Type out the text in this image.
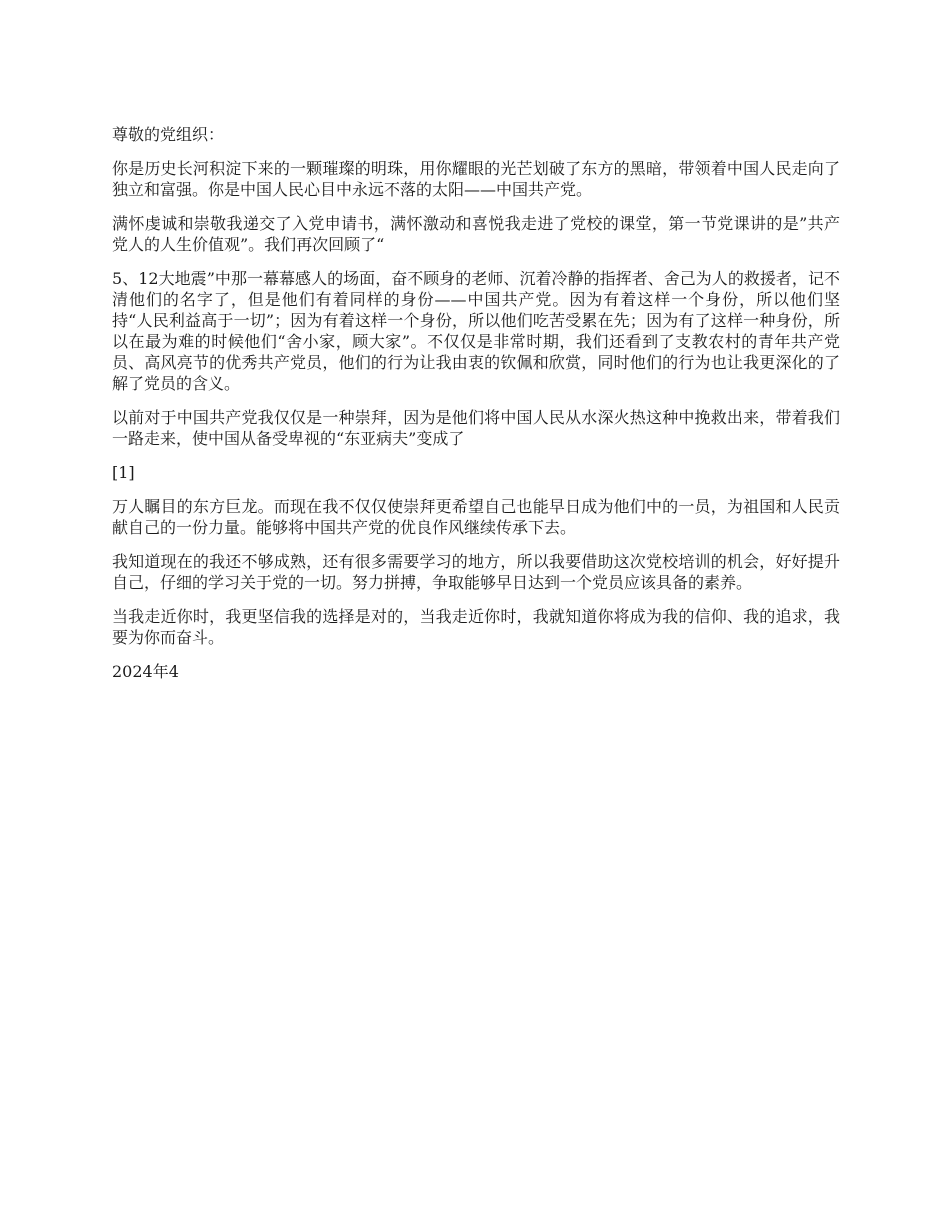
尊敬的党组织：

你是历史长河积淀下来的一颗璀璨的明珠，用你耀眼的光芒划破了东方的黑暗，带领着中国人民走向了独立和富强。你是中国人民心目中永远不落的太阳——中国共产党。

满怀虔诚和崇敬我递交了入党申请书，满怀激动和喜悦我走进了党校的课堂，第一节党课讲的是”共产党人的人生价值观”。我们再次回顾了“

5、12大地震”中那一幕幕感人的场面，奋不顾身的老师、沉着冷静的指挥者、舍己为人的救援者，记不清他们的名字了，但是他们有着同样的身份——中国共产党。因为有着这样一个身份，所以他们坚持“人民利益高于一切”；因为有着这样一个身份，所以他们吃苦受累在先；因为有了这样一种身份，所以在最为难的时候他们“舍小家，顾大家”。不仅仅是非常时期，我们还看到了支教农村的青年共产党员、高风亮节的优秀共产党员，他们的行为让我由衷的钦佩和欣赏，同时他们的行为也让我更深化的了解了党员的含义。

以前对于中国共产党我仅仅是一种崇拜，因为是他们将中国人民从水深火热这种中挽救出来，带着我们一路走来，使中国从备受卑视的“东亚病夫”变成了

[1]

万人瞩目的东方巨龙。而现在我不仅仅使崇拜更希望自己也能早日成为他们中的一员，为祖国和人民贡献自己的一份力量。能够将中国共产党的优良作风继续传承下去。

我知道现在的我还不够成熟，还有很多需要学习的地方，所以我要借助这次党校培训的机会，好好提升自己，仔细的学习关于党的一切。努力拼搏，争取能够早日达到一个党员应该具备的素养。

当我走近你时，我更坚信我的选择是对的，当我走近你时，我就知道你将成为我的信仰、我的追求，我要为你而奋斗。

2024年4
